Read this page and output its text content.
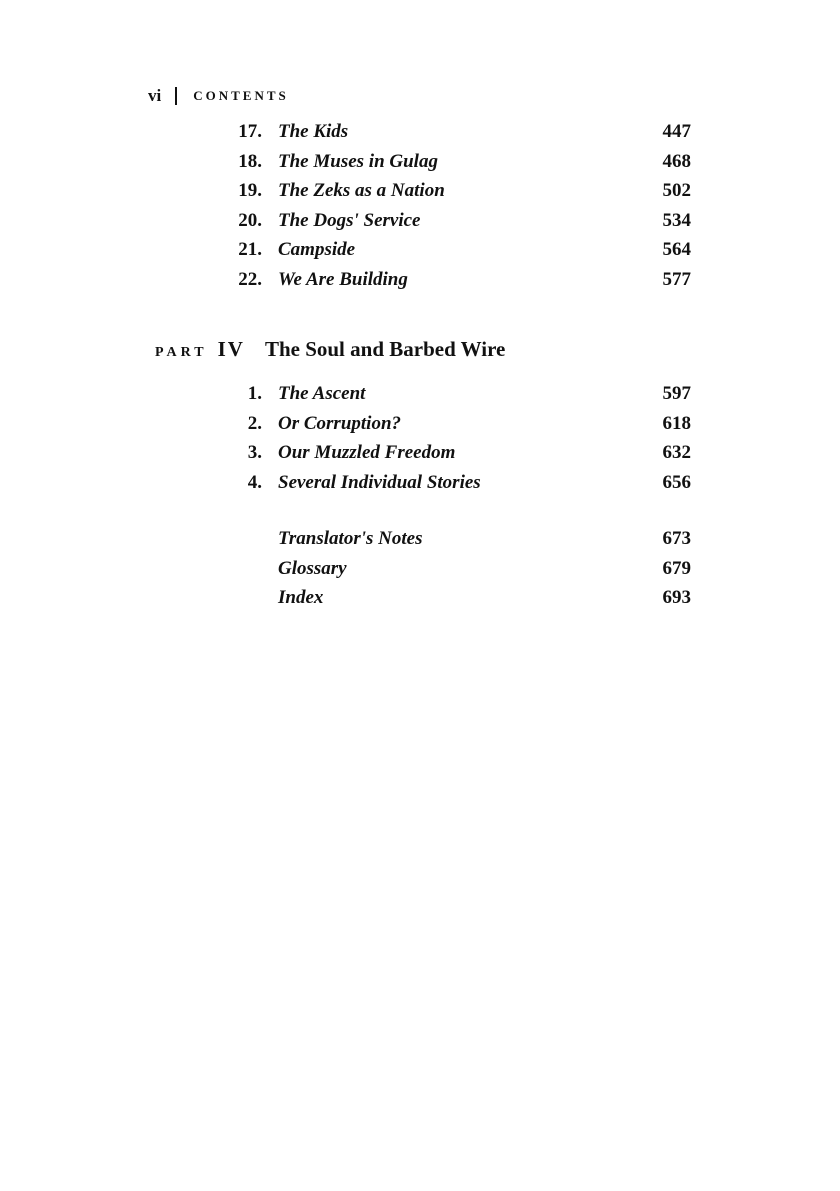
vi CONTENTS
17. The Kids	447
18. The Muses in Gulag	468
19. The Zeks as a Nation	502
20. The Dogs' Service	534
21. Campside	564
22. We Are Building	577
PART IV The Soul and Barbed Wire
1. The Ascent	597
2. Or Corruption?	618
3. Our Muzzled Freedom	632
4. Several Individual Stories	656
Translator's Notes	673
Glossary	679
Index	693
